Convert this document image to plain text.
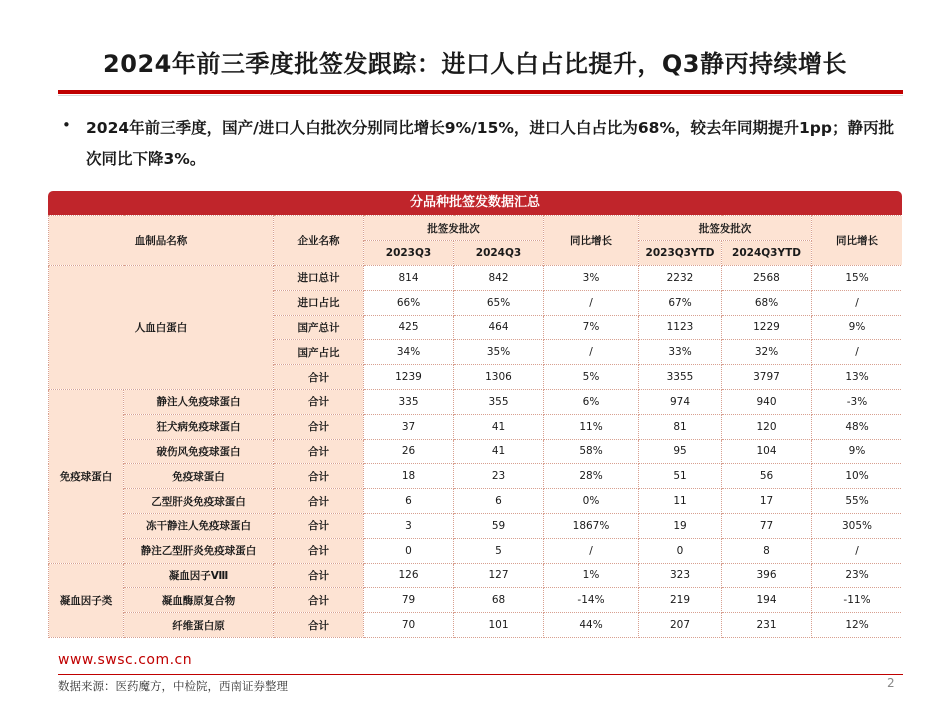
2024年前三季度批签发跟踪：进口人白占比提升，Q3静丙持续增长
• 2024年前三季度，国产/进口人白批次分别同比增长9%/15%，进口人白占比为68%，较去年同期提升1pp；静丙批次同比下降3%。
分品种批签发数据汇总
血制品名称		企业名称	批签发批次		同比增长	批签发批次		同比增长
			2023Q3	2024Q3		2023Q3YTD	2024Q3YTD	
人血白蛋白		进口总计	814	842	3%	2232	2568	15%
		进口占比	66%	65%	/	67%	68%	/
		国产总计	425	464	7%	1123	1229	9%
		国产占比	34%	35%	/	33%	32%	/
		合计	1239	1306	5%	3355	3797	13%
免疫球蛋白	静注人免疫球蛋白	合计	335	355	6%	974	940	-3%
	狂犬病免疫球蛋白	合计	37	41	11%	81	120	48%
	破伤风免疫球蛋白	合计	26	41	58%	95	104	9%
	免疫球蛋白	合计	18	23	28%	51	56	10%
	乙型肝炎免疫球蛋白	合计	6	6	0%	11	17	55%
	冻干静注人免疫球蛋白	合计	3	59	1867%	19	77	305%
	静注乙型肝炎免疫球蛋白	合计	0	5	/	0	8	/
凝血因子类	凝血因子Ⅷ	合计	126	127	1%	323	396	23%
	凝血酶原复合物	合计	79	68	-14%	219	194	-11%
	纤维蛋白原	合计	70	101	44%	207	231	12%
www.swsc.com.cn
数据来源：医药魔方，中检院，西南证券整理	2
